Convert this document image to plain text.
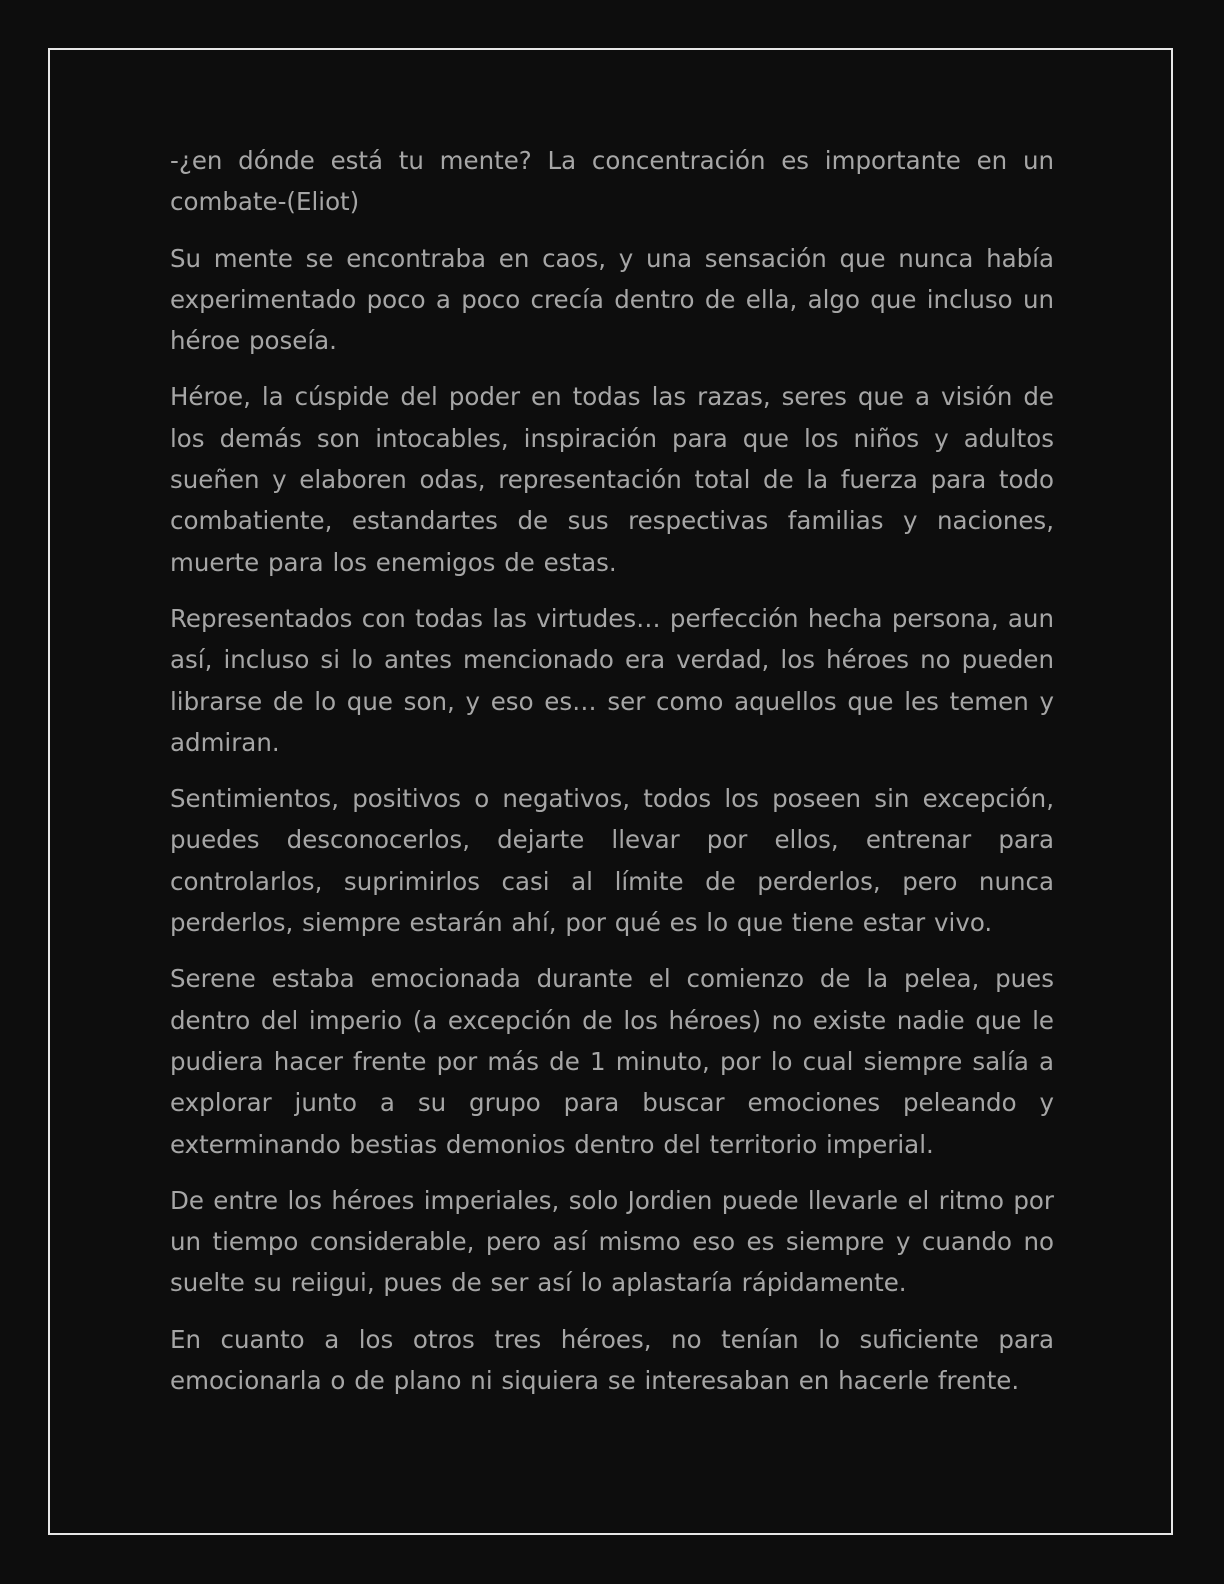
-¿en dónde está tu mente? La concentración es importante en un combate-(Eliot)

Su mente se encontraba en caos, y una sensación que nunca había experimentado poco a poco crecía dentro de ella, algo que incluso un héroe poseía.

Héroe, la cúspide del poder en todas las razas, seres que a visión de los demás son intocables, inspiración para que los niños y adultos sueñen y elaboren odas, representación total de la fuerza para todo combatiente, estandartes de sus respectivas familias y naciones, muerte para los enemigos de estas.

Representados con todas las virtudes… perfección hecha persona, aun así, incluso si lo antes mencionado era verdad, los héroes no pueden librarse de lo que son, y eso es… ser como aquellos que les temen y admiran.

Sentimientos, positivos o negativos, todos los poseen sin excepción, puedes desconocerlos, dejarte llevar por ellos, entrenar para controlarlos, suprimirlos casi al límite de perderlos, pero nunca perderlos, siempre estarán ahí, por qué es lo que tiene estar vivo.

Serene estaba emocionada durante el comienzo de la pelea, pues dentro del imperio (a excepción de los héroes) no existe nadie que le pudiera hacer frente por más de 1 minuto, por lo cual siempre salía a explorar junto a su grupo para buscar emociones peleando y exterminando bestias demonios dentro del territorio imperial.

De entre los héroes imperiales, solo Jordien puede llevarle el ritmo por un tiempo considerable, pero así mismo eso es siempre y cuando no suelte su reiigui, pues de ser así lo aplastaría rápidamente.

En cuanto a los otros tres héroes, no tenían lo suficiente para emocionarla o de plano ni siquiera se interesaban en hacerle frente.
